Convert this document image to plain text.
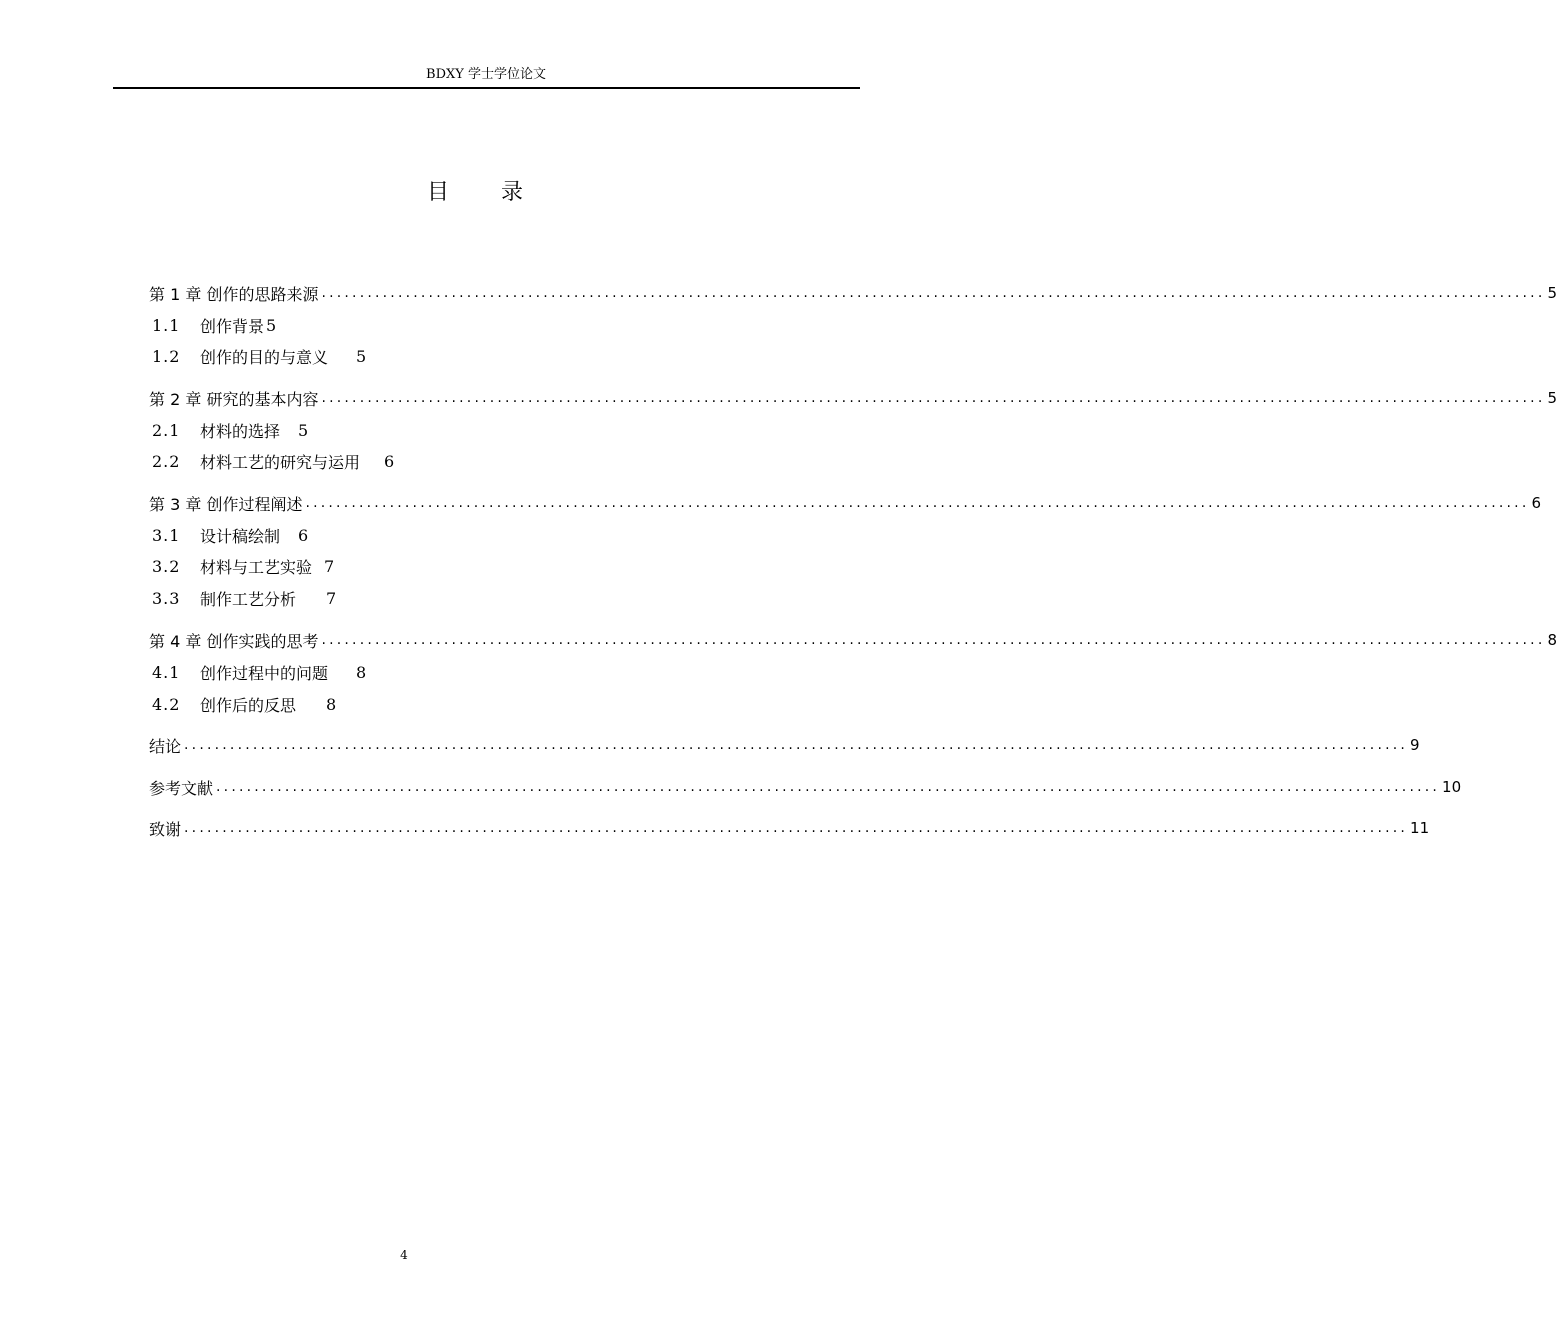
BDXY 学士学位论文
目录
第 1 章 创作的思路来源 ................................................................................................................................................................ 5
1.1	创作背景 5
1.2	创作的目的与意义 5
第 2 章 研究的基本内容 ................................................................................................................................................................ 5
2.1	材料的选择 5
2.2	材料工艺的研究与运用 6
第 3 章 创作过程阐述 ................................................................................................................................................................ 6
3.1	设计稿绘制 6
3.2	材料与工艺实验 7
3.3	制作工艺分析 7
第 4 章 创作实践的思考 ................................................................................................................................................................ 8
4.1	创作过程中的问题 8
4.2	创作后的反思 8
结论 ................................................................................................................................................................ 9
参考文献 ................................................................................................................................................................ 10
致谢 ................................................................................................................................................................ 11
4
